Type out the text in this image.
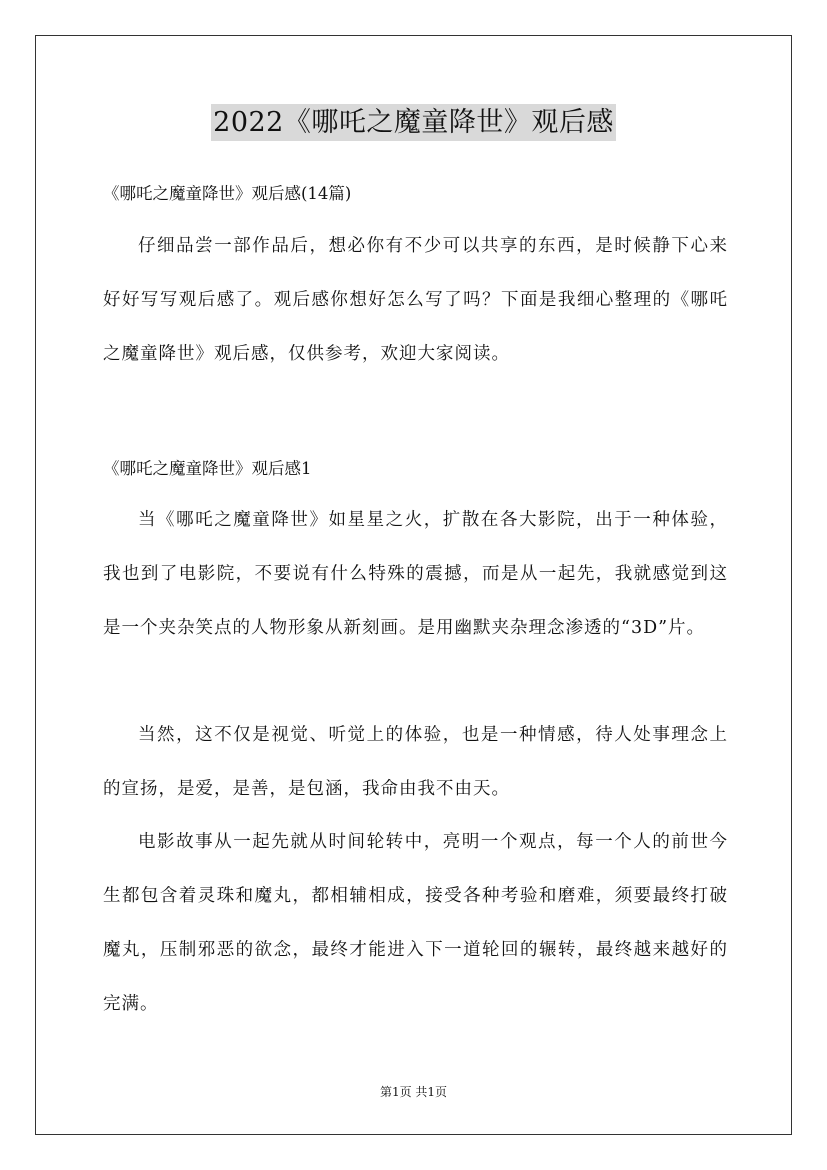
2022《哪吒之魔童降世》观后感
《哪吒之魔童降世》观后感(14篇)
仔细品尝一部作品后，想必你有不少可以共享的东西，是时候静下心来好好写写观后感了。观后感你想好怎么写了吗？下面是我细心整理的《哪吒之魔童降世》观后感，仅供参考，欢迎大家阅读。
《哪吒之魔童降世》观后感1
当《哪吒之魔童降世》如星星之火，扩散在各大影院，出于一种体验，我也到了电影院，不要说有什么特殊的震撼，而是从一起先，我就感觉到这是一个夹杂笑点的人物形象从新刻画。是用幽默夹杂理念渗透的“3D”片。
当然，这不仅是视觉、听觉上的体验，也是一种情感，待人处事理念上的宣扬，是爱，是善，是包涵，我命由我不由天。
电影故事从一起先就从时间轮转中，亮明一个观点，每一个人的前世今生都包含着灵珠和魔丸，都相辅相成，接受各种考验和磨难，须要最终打破魔丸，压制邪恶的欲念，最终才能进入下一道轮回的辗转，最终越来越好的完满。
第1页 共1页
